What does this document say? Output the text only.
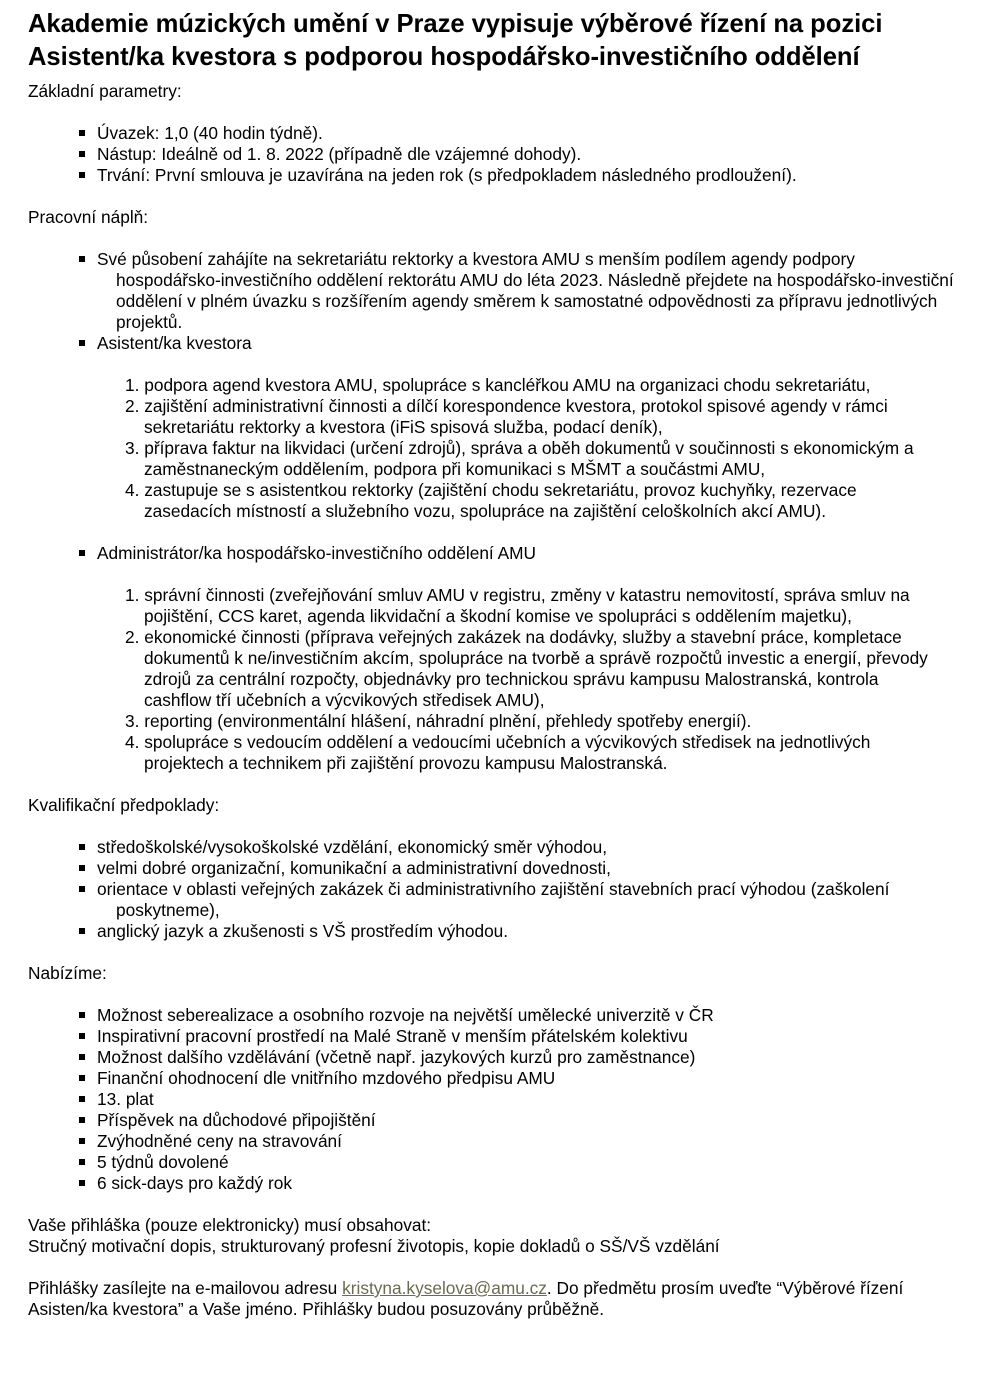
Akademie múzických umění v Praze vypisuje výběrové řízení na pozici
Asistent/ka kvestora s podporou hospodářsko-investičního oddělení

Základní parametry:

Úvazek: 1,0 (40 hodin týdně).
Nástup: Ideálně od 1. 8. 2022 (případně dle vzájemné dohody).
Trvání: První smlouva je uzavírána na jeden rok (s předpokladem následného prodloužení).

Pracovní náplň:

Své působení zahájíte na sekretariátu rektorky a kvestora AMU s menším podílem agendy podpory hospodářsko-investičního oddělení rektorátu AMU do léta 2023. Následně přejdete na hospodářsko-investiční oddělení v plném úvazku s rozšířením agendy směrem k samostatné odpovědnosti za přípravu jednotlivých projektů.
Asistent/ka kvestora
1. podpora agend kvestora AMU, spolupráce s kancléřkou AMU na organizaci chodu sekretariátu,
2. zajištění administrativní činnosti a dílčí korespondence kvestora, protokol spisové agendy v rámci sekretariátu rektorky a kvestora (iFiS spisová služba, podací deník),
3. příprava faktur na likvidaci (určení zdrojů), správa a oběh dokumentů v součinnosti s ekonomickým a zaměstnaneckým oddělením, podpora při komunikaci s MŠMT a součástmi AMU,
4. zastupuje se s asistentkou rektorky (zajištění chodu sekretariátu, provoz kuchyňky, rezervace zasedacích místností a služebního vozu, spolupráce na zajištění celoškolních akcí AMU).
Administrátor/ka hospodářsko-investičního oddělení AMU
1. správní činnosti (zveřejňování smluv AMU v registru, změny v katastru nemovitostí, správa smluv na pojištění, CCS karet, agenda likvidační a škodní komise ve spolupráci s oddělením majetku),
2. ekonomické činnosti (příprava veřejných zakázek na dodávky, služby a stavební práce, kompletace dokumentů k ne/investičním akcím, spolupráce na tvorbě a správě rozpočtů investic a energií, převody zdrojů za centrální rozpočty, objednávky pro technickou správu kampusu Malostranská, kontrola cashflow tří učebních a výcvikových středisek AMU),
3. reporting (environmentální hlášení, náhradní plnění, přehledy spotřeby energií).
4. spolupráce s vedoucím oddělení a vedoucími učebních a výcvikových středisek na jednotlivých projektech a technikem při zajištění provozu kampusu Malostranská.

Kvalifikační předpoklady:

středoškolské/vysokoškolské vzdělání, ekonomický směr výhodou,
velmi dobré organizační, komunikační a administrativní dovednosti,
orientace v oblasti veřejných zakázek či administrativního zajištění stavebních prací výhodou (zaškolení poskytneme),
anglický jazyk a zkušenosti s VŠ prostředím výhodou.

Nabízíme:

Možnost seberealizace a osobního rozvoje na největší umělecké univerzitě v ČR
Inspirativní pracovní prostředí na Malé Straně v menším přátelském kolektivu
Možnost dalšího vzdělávání (včetně např. jazykových kurzů pro zaměstnance)
Finanční ohodnocení dle vnitřního mzdového předpisu AMU
13. plat
Příspěvek na důchodové připojištění
Zvýhodněné ceny na stravování
5 týdnů dovolené
6 sick-days pro každý rok

Vaše přihláška (pouze elektronicky) musí obsahovat:

Stručný motivační dopis, strukturovaný profesní životopis, kopie dokladů o SŠ/VŠ vzdělání

Přihlášky zasílejte na e-mailovou adresu kristyna.kyselova@amu.cz. Do předmětu prosím uveďte “Výběrové řízení Asisten/ka kvestora” a Vaše jméno. Přihlášky budou posuzovány průběžně.
